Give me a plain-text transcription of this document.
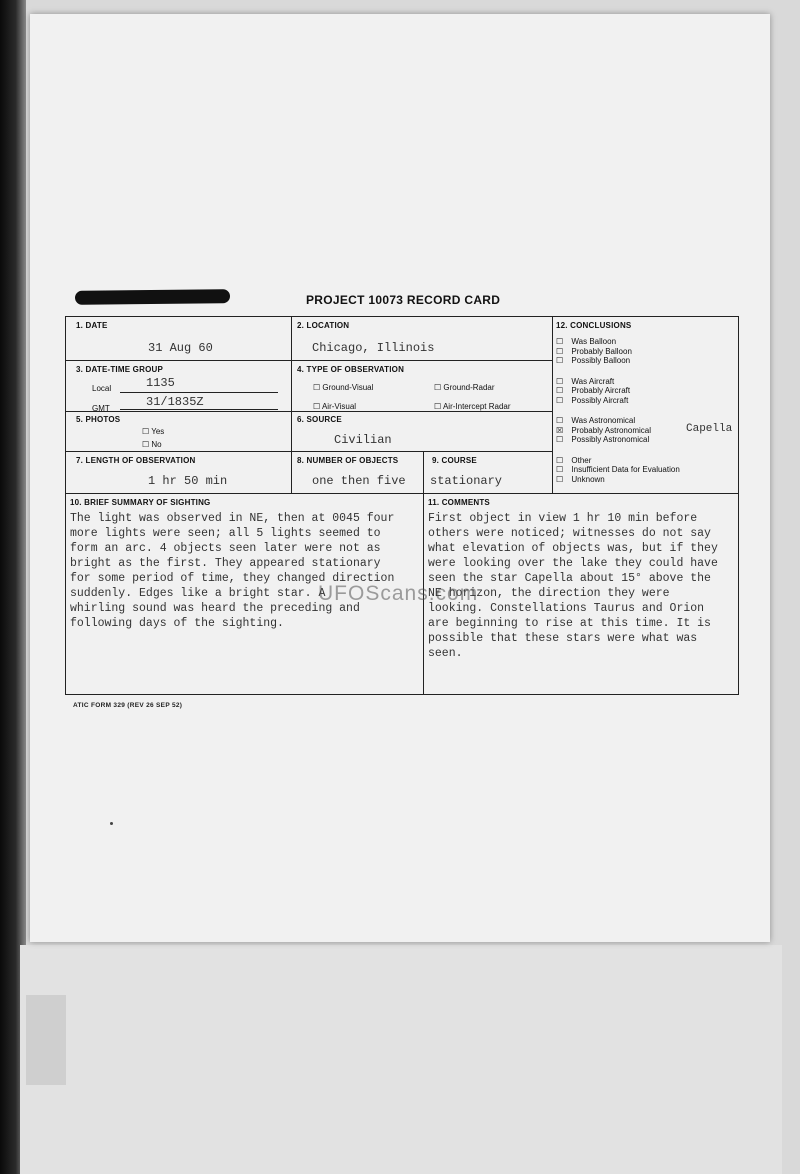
PROJECT 10073 RECORD CARD
1. DATE
31 Aug 60
2. LOCATION
Chicago, Illinois
3. DATE-TIME GROUP
Local	1135
GMT	31/1835Z
4. TYPE OF OBSERVATION
☐ Ground-Visual	☐ Ground-Radar
☐ Air-Visual	☐ Air-Intercept Radar
5. PHOTOS
☐ Yes
☐ No
6. SOURCE
Civilian
7. LENGTH OF OBSERVATION
1 hr 50 min
8. NUMBER OF OBJECTS
one then five
9. COURSE
stationary
12. CONCLUSIONS
☐ Was Balloon
☐ Probably Balloon
☐ Possibly Balloon
☐ Was Aircraft
☐ Probably Aircraft
☐ Possibly Aircraft
☐ Was Astronomical
☒ Probably Astronomical
☐ Possibly Astronomical
☐ Other
☐ Insufficient Data for Evaluation
☐ Unknown
Capella
10. BRIEF SUMMARY OF SIGHTING
The light was observed in NE, then at 0045 four
more lights were seen; all 5 lights seemed to
form an arc. 4 objects seen later were not as
bright as the first. They appeared stationary
for some period of time, they changed direction
suddenly. Edges like a bright star. A
whirling sound was heard the preceding and
following days of the sighting.
11. COMMENTS
First object in view 1 hr 10 min before
others were noticed; witnesses do not say
what elevation of objects was, but if they
were looking over the lake they could have
seen the star Capella about 15° above the
NE horizon, the direction they were
looking. Constellations Taurus and Orion
are beginning to rise at this time. It is
possible that these stars were what was
seen.
ATIC FORM 329 (REV 26 SEP 52)
UFOScans.com
